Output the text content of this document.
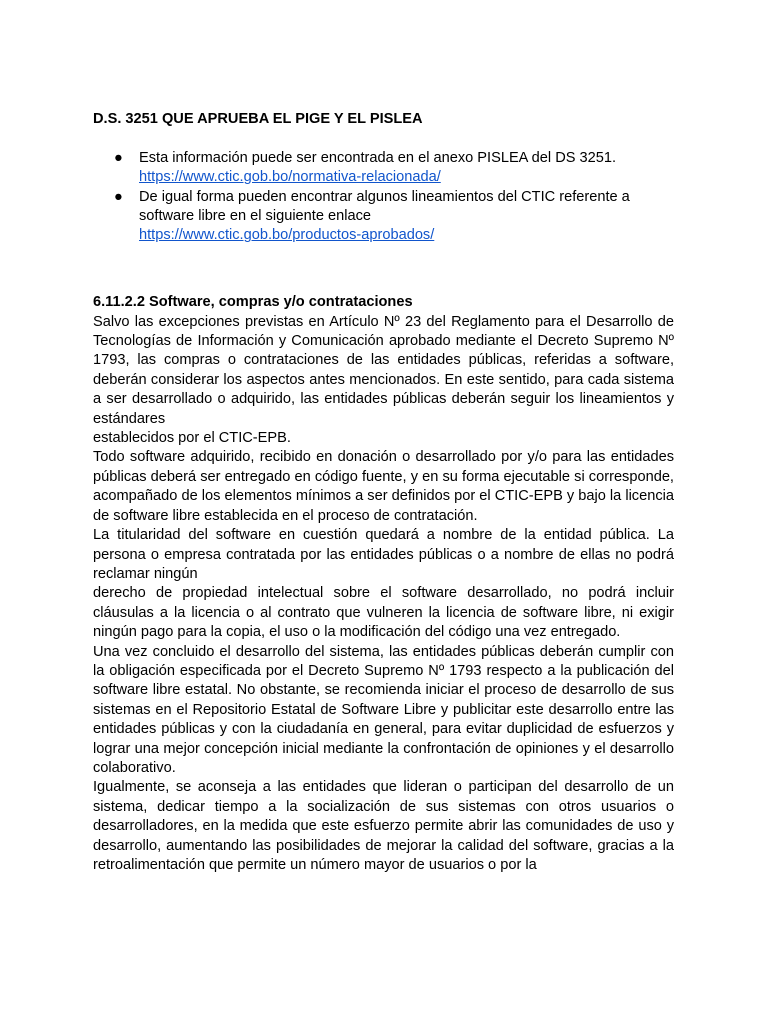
D.S. 3251 QUE APRUEBA EL PIGE Y EL PISLEA

● Esta información puede ser encontrada en el anexo PISLEA del DS 3251.
https://www.ctic.gob.bo/normativa-relacionada/
● De igual forma pueden encontrar algunos lineamientos del CTIC referente a software libre en el siguiente enlace
https://www.ctic.gob.bo/productos-aprobados/

6.11.2.2 Software, compras y/o contrataciones

Salvo las excepciones previstas en Artículo Nº 23 del Reglamento para el Desarrollo de Tecnologías de Información y Comunicación aprobado mediante el Decreto Supremo Nº 1793, las compras o contrataciones de las entidades públicas, referidas a software, deberán considerar los aspectos antes mencionados. En este sentido, para cada sistema a ser desarrollado o adquirido, las entidades públicas deberán seguir los lineamientos y estándares

establecidos por el CTIC-EPB.

Todo software adquirido, recibido en donación o desarrollado por y/o para las entidades públicas deberá ser entregado en código fuente, y en su forma ejecutable si corresponde, acompañado de los elementos mínimos a ser definidos por el CTIC-EPB y bajo la licencia de software libre establecida en el proceso de contratación.

La titularidad del software en cuestión quedará a nombre de la entidad pública. La persona o empresa contratada por las entidades públicas o a nombre de ellas no podrá reclamar ningún

derecho de propiedad intelectual sobre el software desarrollado, no podrá incluir cláusulas a la licencia o al contrato que vulneren la licencia de software libre, ni exigir ningún pago para la copia, el uso o la modificación del código una vez entregado.

Una vez concluido el desarrollo del sistema, las entidades públicas deberán cumplir con la obligación especificada por el Decreto Supremo Nº 1793 respecto a la publicación del software libre estatal. No obstante, se recomienda iniciar el proceso de desarrollo de sus sistemas en el Repositorio Estatal de Software Libre y publicitar este desarrollo entre las entidades públicas y con la ciudadanía en general, para evitar duplicidad de esfuerzos y lograr una mejor concepción inicial mediante la confrontación de opiniones y el desarrollo colaborativo.

Igualmente, se aconseja a las entidades que lideran o participan del desarrollo de un sistema, dedicar tiempo a la socialización de sus sistemas con otros usuarios o desarrolladores, en la medida que este esfuerzo permite abrir las comunidades de uso y desarrollo, aumentando las posibilidades de mejorar la calidad del software, gracias a la retroalimentación que permite un número mayor de usuarios o por la
